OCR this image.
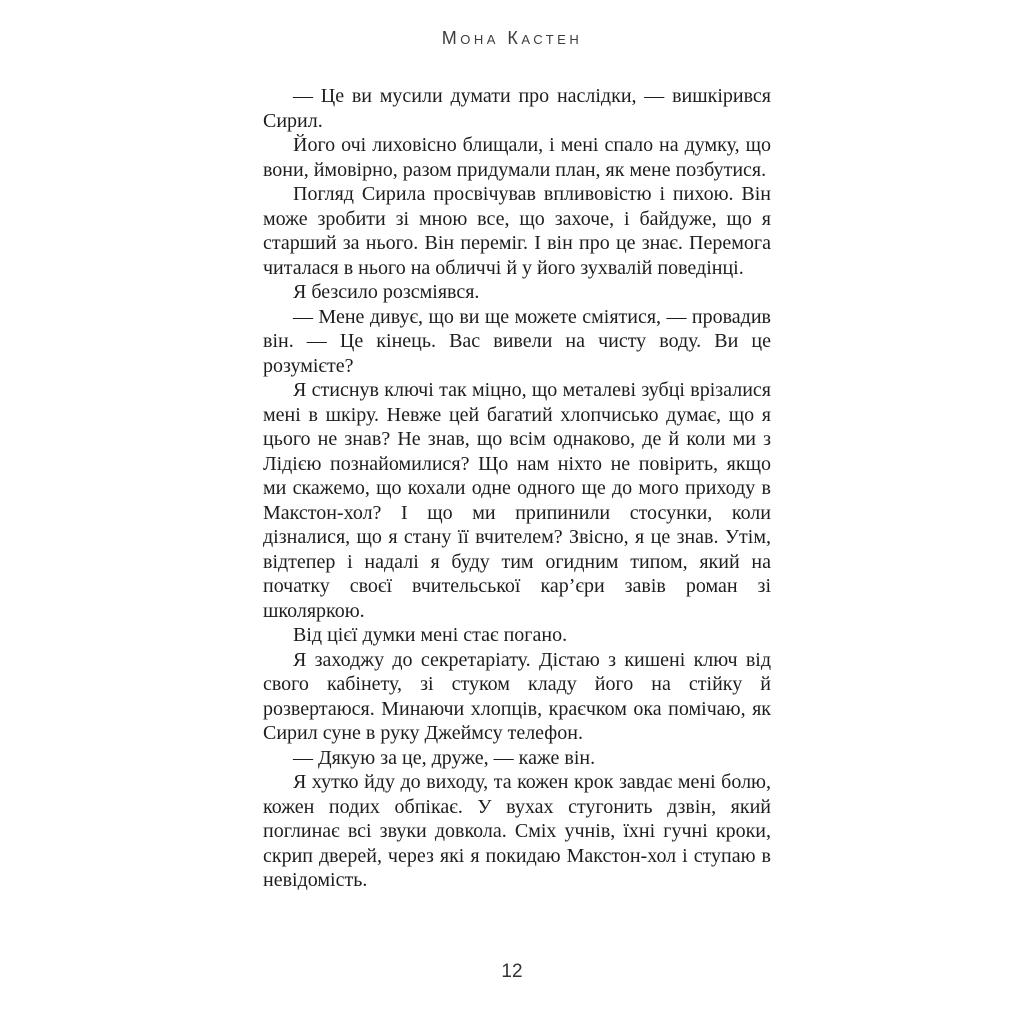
Мона Кастен

— Це ви мусили думати про наслідки, — вишкірився Сирил.

Його очі лиховісно блищали, і мені спало на думку, що вони, ймовірно, разом придумали план, як мене позбутися.

Погляд Сирила просвічував впливовістю і пихою. Він може зробити зі мною все, що захоче, і байдуже, що я старший за нього. Він переміг. І він про це знає. Перемога читалася в нього на обличчі й у його зухвалій поведінці.

Я безсило розсміявся.

— Мене дивує, що ви ще можете сміятися, — провадив він. — Це кінець. Вас вивели на чисту воду. Ви це розумієте?

Я стиснув ключі так міцно, що металеві зубці врізалися мені в шкіру. Невже цей багатий хлопчисько думає, що я цього не знав? Не знав, що всім однаково, де й коли ми з Лідією познайомилися? Що нам ніхто не повірить, якщо ми скажемо, що кохали одне одного ще до мого приходу в Макстон-хол? І що ми припинили стосунки, коли дізналися, що я стану її вчителем? Звісно, я це знав. Утім, відтепер і надалі я буду тим огидним типом, який на початку своєї вчительської кар’єри завів роман зі школяркою.

Від цієї думки мені стає погано.

Я заходжу до секретаріату. Дістаю з кишені ключ від свого кабінету, зі стуком кладу його на стійку й розвертаюся. Минаючи хлопців, краєчком ока помічаю, як Сирил суне в руку Джеймсу телефон.

— Дякую за це, друже, — каже він.

Я хутко йду до виходу, та кожен крок завдає мені болю, кожен подих обпікає. У вухах стугонить дзвін, який поглинає всі звуки довкола. Сміх учнів, їхні гучні кроки, скрип дверей, через які я покидаю Макстон-хол і ступаю в невідомість.

12
